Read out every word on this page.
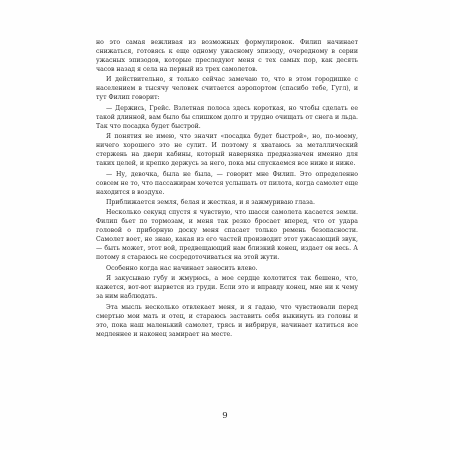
но это самая вежливая из возможных формулировок. Филип начинает снижаться, готовясь к еще одному ужасному эпизоду, очередному в серии ужасных эпизодов, которые преследуют меня с тех самых пор, как десять часов назад я села на первый из трех самолетов.

И действительно, я только сейчас замечаю то, что в этом городишке с населением в тысячу человек считается аэропортом (спасибо тебе, Гугл), и тут Филип говорит:

— Держись, Грейс. Взлетная полоса здесь короткая, но чтобы сделать ее такой длинной, вам было бы слишком долго и трудно очищать от снега и льда. Так что посадка будет быстрой.

Я понятия не имею, что значит «посадка будет быстрой», но, по-моему, ничего хорошего это не сулит. И поэтому я хватаюсь за металлический стержень на двери кабины, который наверняка предназначен именно для таких целей, и крепко держусь за него, пока мы спускаемся все ниже и ниже.

— Ну, девочка, была не была, — говорит мне Филип. Это определенно совсем не то, что пассажирам хочется услышать от пилота, когда самолет еще находится в воздухе.

Приближается земля, белая и жесткая, и я зажмуриваю глаза.

Несколько секунд спустя я чувствую, что шасси самолета касается земли. Филип бьет по тормозам, и меня так резко бросает вперед, что от удара головой о приборную доску меня спасает только ремень безопасности. Самолет воет, не знаю, какая из его частей производит этот ужасающий звук, — быть может, этот вой, предвещающий нам близкий конец, издает он весь. А потому я стараюсь не сосредоточиваться на этой жути.

Особенно когда нас начинает заносить влево.

Я закусываю губу и жмурюсь, а мое сердце колотится так бешено, что, кажется, вот-вот вырвется из груди. Если это и вправду конец, мне ни к чему за ним наблюдать.

Эта мысль несколько отвлекает меня, и я гадаю, что чувствовали перед смертью мои мать и отец, и стараюсь заставить себя выкинуть из головы и это, пока наш маленький самолет, трясь и вибрируя, начинает катиться все медленнее и наконец замирает на месте.

9
